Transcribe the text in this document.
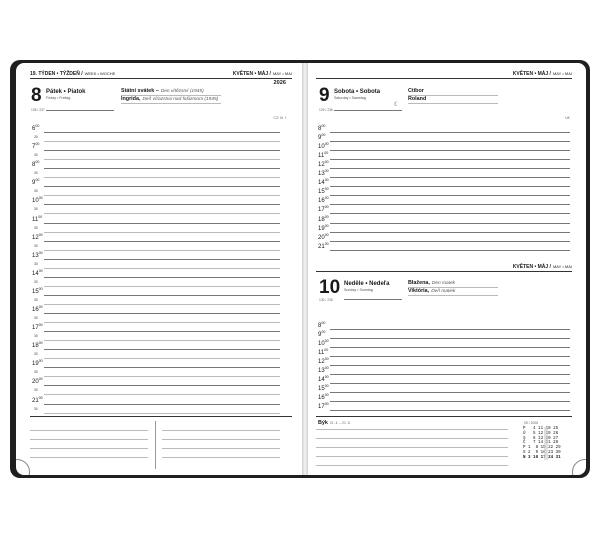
19. TÝDEN • TÝŽDEŇ / WEEK • WOCHE	KVĚTEN • MÁJ / MAY • MAI
2026
8 Pátek • Piatok
Friday • Freitag
128 / 237
Státní svátek – Den vítězství (1945)
Ingrida, Deň víťazstva nad fašizmom (1945)
CZ: III. f
$6^{00}$
30
$7^{00}$
30
$8^{00}$
30
$9^{00}$
30
$10^{00}$
30
$11^{00}$
30
$12^{00}$
30
$13^{00}$
30
$14^{00}$
30
$15^{00}$
30
$16^{00}$
30
$17^{00}$
30
$18^{00}$
30
$19^{00}$
30
$20^{00}$
30
$21^{00}$
30
KVĚTEN • MÁJ / MAY • MAI
9 Sobota • Sobota
Saturday • Samstag
129 / 236
☾
Ctibor
Roland
UK
$8^{00}$
$9^{00}$
$10^{00}$
$11^{00}$
$12^{00}$
$13^{00}$
$14^{00}$
$15^{00}$
$16^{00}$
$17^{00}$
$18^{00}$
$19^{00}$
$20^{00}$
$21^{00}$
KVĚTEN • MÁJ / MAY • MAI
10 Neděle • Nedeľa
Sunday • Sonntag
130 / 235
Blažena, Den matek
Viktória, Deň matiek
$8^{00}$
$9^{00}$
$10^{00}$
$11^{00}$
$12^{00}$
$13^{00}$
$14^{00}$
$15^{00}$
$16^{00}$
$17^{00}$
Býk 21. 4. – 21. 5.	05 / 2026
P   4 11 18 25
Ú   5 12 19 26
S   6 13 20 27
Č   7 14 21 28
P 1  8 15 22 29
S 2  9 16 23 30
N 3 10 17 24 31
